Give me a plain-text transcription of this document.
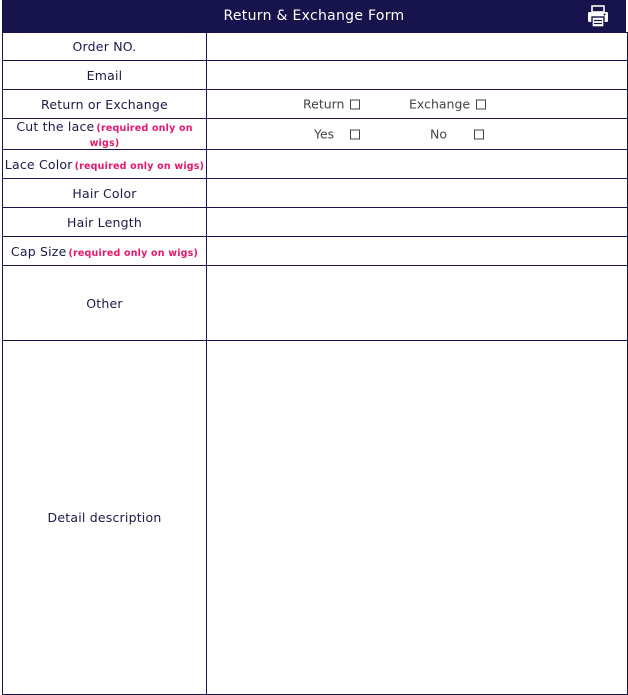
Return & Exchange Form
Order NO.	
Email	
Return or Exchange	Return Exchange

Cut the lace (required only on wigs)	Yes No

Lace Color (required only on wigs)	
Hair Color	
Hair Length	
Cap Size (required only on wigs)	
Other	

Detail description	
